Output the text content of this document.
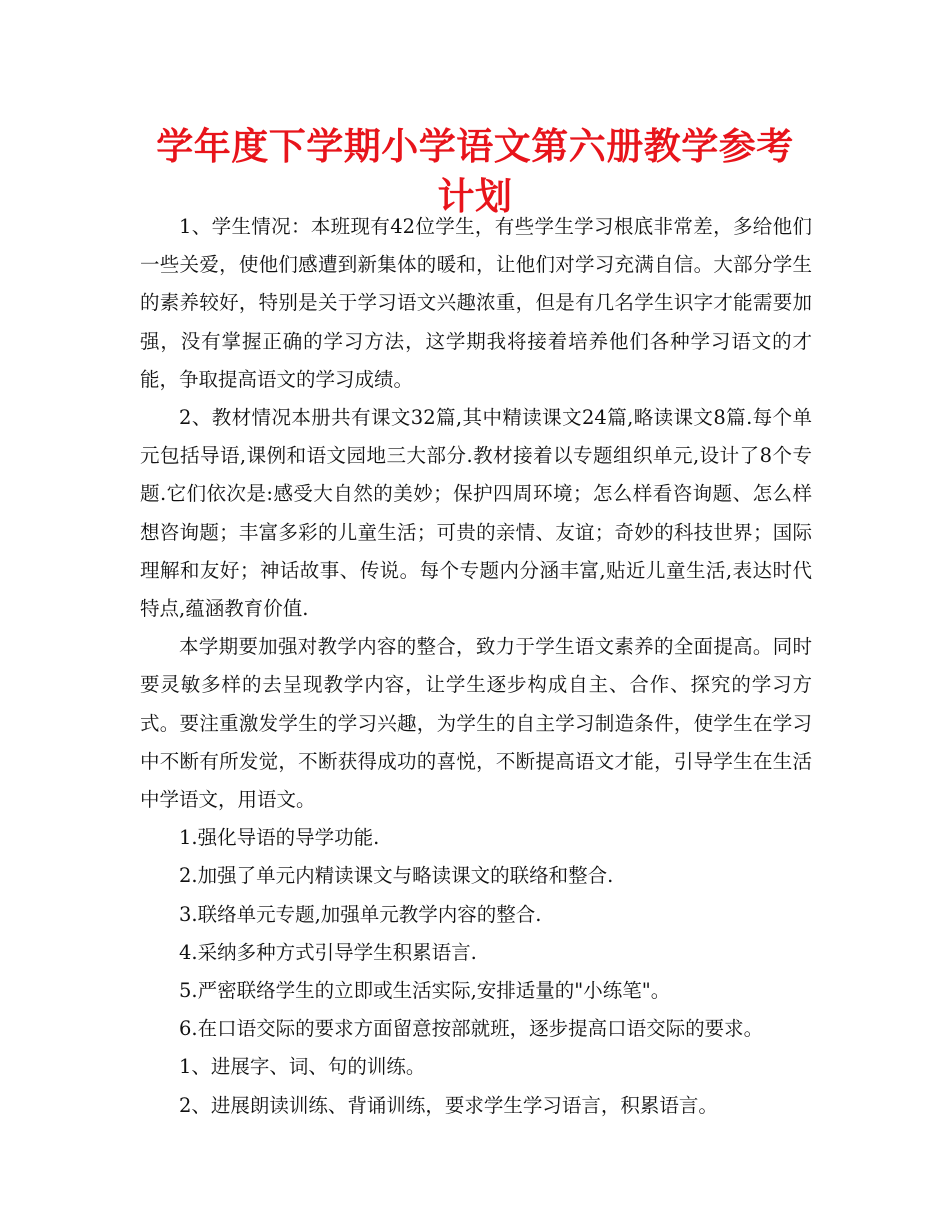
学年度下学期小学语文第六册教学参考计划

1、学生情况：本班现有42位学生，有些学生学习根底非常差，多给他们一些关爱，使他们感遭到新集体的暖和，让他们对学习充满自信。大部分学生的素养较好，特别是关于学习语文兴趣浓重，但是有几名学生识字才能需要加强，没有掌握正确的学习方法，这学期我将接着培养他们各种学习语文的才能，争取提高语文的学习成绩。

2、教材情况本册共有课文32篇,其中精读课文24篇,略读课文8篇.每个单元包括导语,课例和语文园地三大部分.教材接着以专题组织单元,设计了8个专题.它们依次是:感受大自然的美妙；保护四周环境；怎么样看咨询题、怎么样想咨询题；丰富多彩的儿童生活；可贵的亲情、友谊；奇妙的科技世界；国际理解和友好；神话故事、传说。每个专题内分涵丰富,贴近儿童生活,表达时代特点,蕴涵教育价值.

本学期要加强对教学内容的整合，致力于学生语文素养的全面提高。同时要灵敏多样的去呈现教学内容，让学生逐步构成自主、合作、探究的学习方式。要注重激发学生的学习兴趣，为学生的自主学习制造条件，使学生在学习中不断有所发觉，不断获得成功的喜悦，不断提高语文才能，引导学生在生活中学语文，用语文。

1.强化导语的导学功能.

2.加强了单元内精读课文与略读课文的联络和整合.

3.联络单元专题,加强单元教学内容的整合.

4.采纳多种方式引导学生积累语言.

5.严密联络学生的立即或生活实际,安排适量的"小练笔"。

6.在口语交际的要求方面留意按部就班，逐步提高口语交际的要求。

1、进展字、词、句的训练。

2、进展朗读训练、背诵训练，要求学生学习语言，积累语言。
